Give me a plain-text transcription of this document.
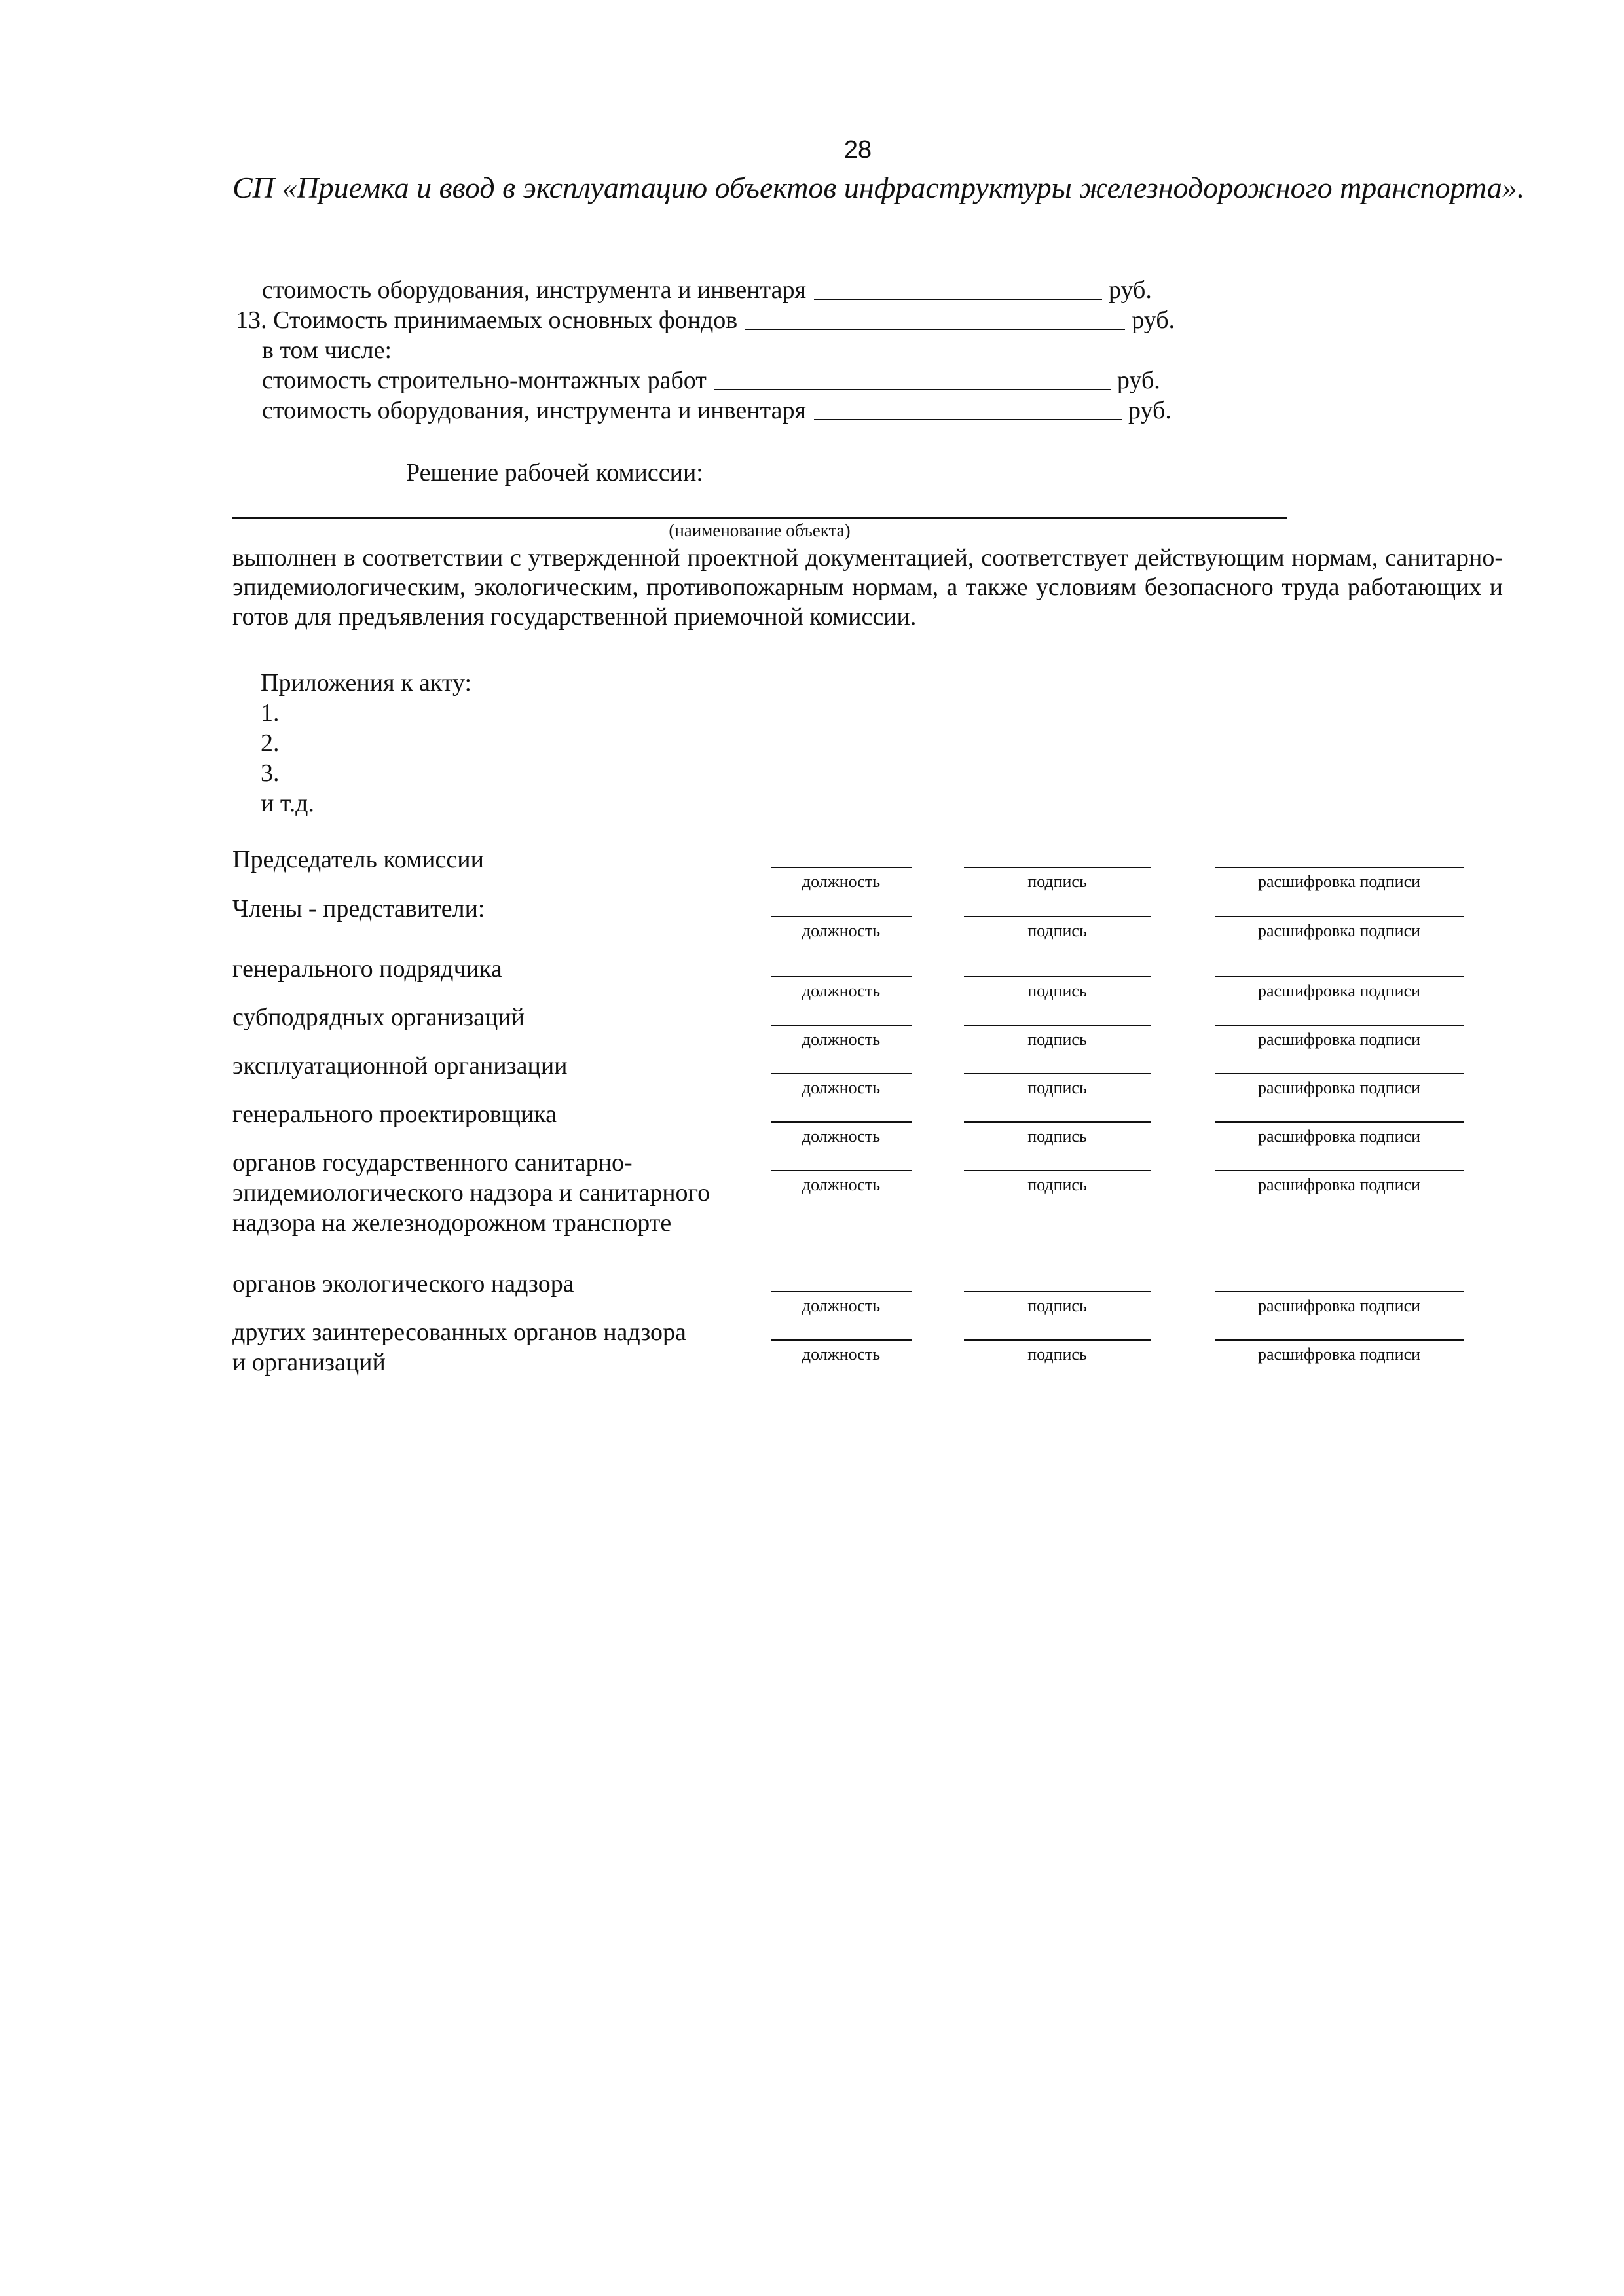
28
СП «Приемка и ввод в эксплуатацию объектов инфраструктуры железнодорожного транспорта».
стоимость оборудования, инструмента и инвентаря	руб.
13. Стоимость принимаемых основных фондов	руб.
в том числе:
стоимость строительно-монтажных работ	руб.
стоимость оборудования, инструмента и инвентаря	руб.
Решение рабочей комиссии:
(наименование объекта)
выполнен в соответствии с утвержденной проектной документацией, соответствует действующим нормам, санитарно-эпидемиологическим, экологическим, противопожарным нормам, а также условиям безопасного труда работающих и готов для предъявления государственной приемочной комиссии.
Приложения к акту:
1.
2.
3.
и т.д.
Председатель комиссии
должность	подпись	расшифровка подписи
Члены - представители:
должность	подпись	расшифровка подписи
генерального подрядчика
должность	подпись	расшифровка подписи
субподрядных организаций
должность	подпись	расшифровка подписи
эксплуатационной организации
должность	подпись	расшифровка подписи
генерального проектировщика
должность	подпись	расшифровка подписи
органов государственного санитарно-эпидемиологического надзора и санитарного надзора на железнодорожном транспорте
должность	подпись	расшифровка подписи
органов экологического надзора
должность	подпись	расшифровка подписи
других заинтересованных органов надзора и организаций	должность	подпись	расшифровка подписи
